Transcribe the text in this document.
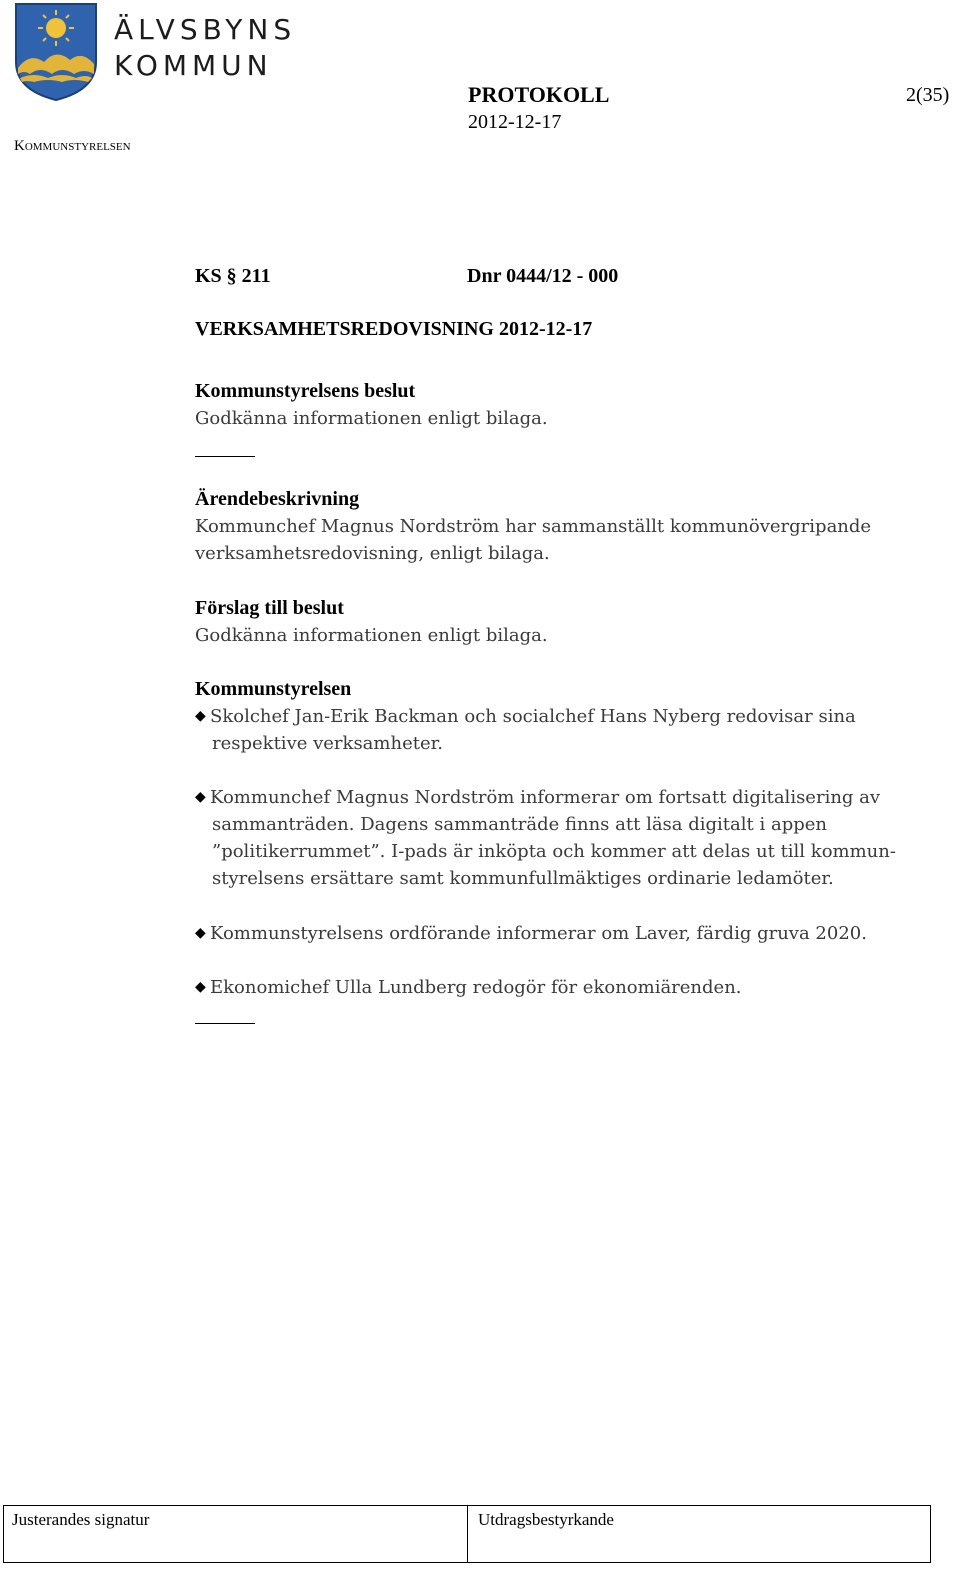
ÄLVSBYNS
KOMMUN
Kommunstyrelsen
PROTOKOLL
2012-12-17
2(35)
KS § 211	Dnr 0444/12 - 000
VERKSAMHETSREDOVISNING 2012-12-17
Kommunstyrelsens beslut
Godkänna informationen enligt bilaga.
Ärendebeskrivning
Kommunchef Magnus Nordström har sammanställt kommunövergripande
verksamhetsredovisning, enligt bilaga.
Förslag till beslut
Godkänna informationen enligt bilaga.
Kommunstyrelsen
◆ Skolchef Jan-Erik Backman och socialchef Hans Nyberg redovisar sina
respektive verksamheter.
◆ Kommunchef Magnus Nordström informerar om fortsatt digitalisering av
sammanträden. Dagens sammanträde finns att läsa digitalt i appen
”politikerrummet”. I-pads är inköpta och kommer att delas ut till kommun-
styrelsens ersättare samt kommunfullmäktiges ordinarie ledamöter.
◆ Kommunstyrelsens ordförande informerar om Laver, färdig gruva 2020.
◆ Ekonomichef Ulla Lundberg redogör för ekonomiärenden.
Justerandes signatur	Utdragsbestyrkande
